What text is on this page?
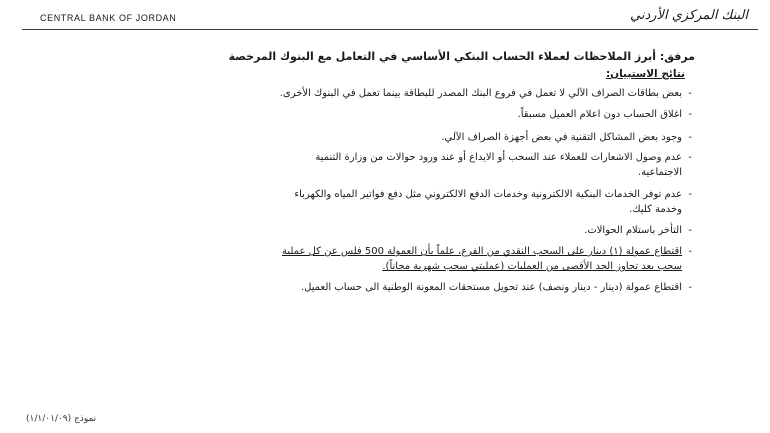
CENTRAL BANK OF JORDAN	البنك المركزي الأردني
مرفق: أبرز الملاحظات لعملاء الحساب البنكي الأساسي في التعامل مع البنوك المرخصة
نتائج الاستبيان:
- بعض بطاقات الصراف الآلي لا تعمل في فروع البنك المصدر للبطاقة بينما تعمل في البنوك الأخرى.
- اغلاق الحساب دون اعلام العميل مسبقاً.
- وجود بعض المشاكل التقنية في بعض أجهزة الصراف الآلي.
- عدم وصول الاشعارات للعملاء عند السحب أو الايداع أو عند ورود حوالات من وزارة التنمية
الاجتماعية.
- عدم توفر الخدمات البنكية الالكترونية وخدمات الدفع الالكتروني مثل دفع فواتير المياه والكهرباء
وخدمة كليك.
- التأخر باستلام الحوالات.
- اقتطاع عمولة (١) دينار على السحب النقدي من الفرع، علماً بأن العمولة 500 فلس عن كل عملية
سحب بعد تجاوز الحد الأقصى من العمليات (عمليتي سحب شهرية مجاناً).
- اقتطاع عمولة (دينار - دينار ونصف) عند تحويل مستحقات المعونة الوطنية الى حساب العميل.
نموذج (١/١/٠١/٠٩)
